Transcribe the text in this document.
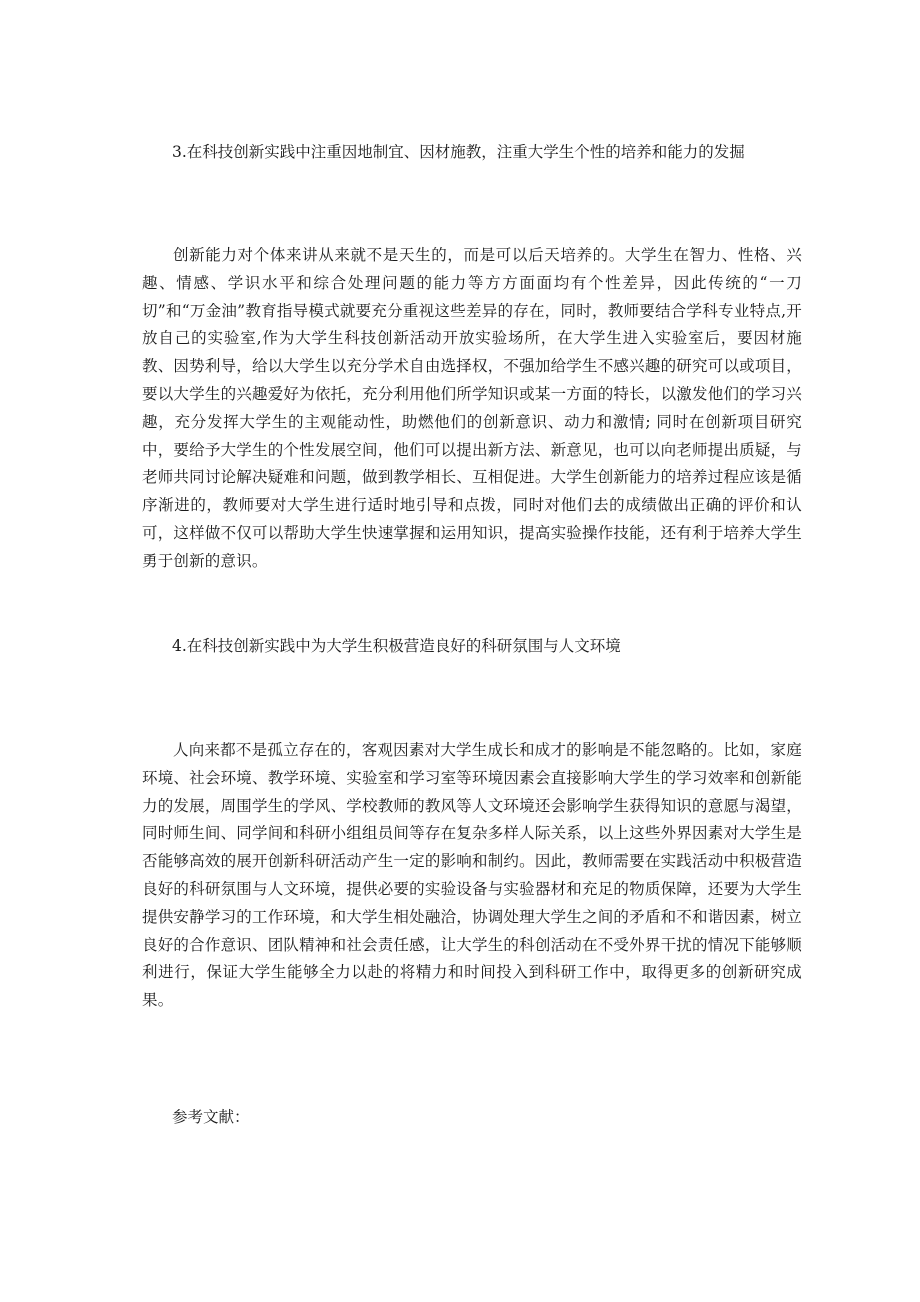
3.在科技创新实践中注重因地制宜、因材施教，注重大学生个性的培养和能力的发掘

创新能力对个体来讲从来就不是天生的，而是可以后天培养的。大学生在智力、性格、兴趣、情感、学识水平和综合处理问题的能力等方方面面均有个性差异，因此传统的“一刀切”和“万金油”教育指导模式就要充分重视这些差异的存在，同时，教师要结合学科专业特点,开放自己的实验室,作为大学生科技创新活动开放实验场所，在大学生进入实验室后，要因材施教、因势利导，给以大学生以充分学术自由选择权，不强加给学生不感兴趣的研究可以或项目，要以大学生的兴趣爱好为依托，充分利用他们所学知识或某一方面的特长，以激发他们的学习兴趣，充分发挥大学生的主观能动性，助燃他们的创新意识、动力和激情; 同时在创新项目研究中，要给予大学生的个性发展空间，他们可以提出新方法、新意见，也可以向老师提出质疑，与老师共同讨论解决疑难和问题，做到教学相长、互相促进。大学生创新能力的培养过程应该是循序渐进的，教师要对大学生进行适时地引导和点拨，同时对他们去的成绩做出正确的评价和认可，这样做不仅可以帮助大学生快速掌握和运用知识，提高实验操作技能，还有利于培养大学生勇于创新的意识。

4.在科技创新实践中为大学生积极营造良好的科研氛围与人文环境

人向来都不是孤立存在的，客观因素对大学生成长和成才的影响是不能忽略的。比如，家庭环境、社会环境、教学环境、实验室和学习室等环境因素会直接影响大学生的学习效率和创新能力的发展，周围学生的学风、学校教师的教风等人文环境还会影响学生获得知识的意愿与渴望，同时师生间、同学间和科研小组组员间等存在复杂多样人际关系，以上这些外界因素对大学生是否能够高效的展开创新科研活动产生一定的影响和制约。因此，教师需要在实践活动中积极营造良好的科研氛围与人文环境，提供必要的实验设备与实验器材和充足的物质保障，还要为大学生提供安静学习的工作环境，和大学生相处融洽，协调处理大学生之间的矛盾和不和谐因素，树立良好的合作意识、团队精神和社会责任感，让大学生的科创活动在不受外界干扰的情况下能够顺利进行，保证大学生能够全力以赴的将精力和时间投入到科研工作中，取得更多的创新研究成果。

参考文献：
